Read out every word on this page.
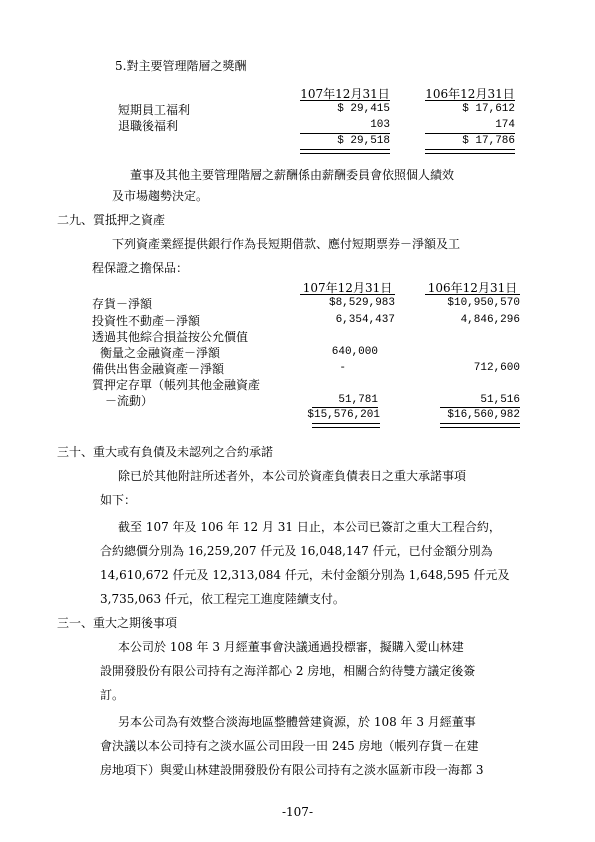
5.對主要管理階層之獎酬
107年12月31日	106年12月31日
短期員工福利	$ 29,415	$ 17,612
退職後福利	103	174
$ 29,518	$ 17,786
董事及其他主要管理階層之薪酬係由薪酬委員會依照個人績效
及市場趨勢決定。
二九、質抵押之資產
下列資產業經提供銀行作為長短期借款、應付短期票券－淨額及工
程保證之擔保品：
107年12月31日	106年12月31日
存貨－淨額	$8,529,983	$10,950,570
投資性不動產－淨額	6,354,437	4,846,296
透過其他綜合損益按公允價值
衡量之金融資產－淨額	640,000
備供出售金融資產－淨額	-	712,600
質押定存單（帳列其他金融資產
－流動）	51,781	51,516
$15,576,201	$16,560,982
三十、重大或有負債及未認列之合約承諾
除已於其他附註所述者外，本公司於資產負債表日之重大承諾事項
如下：
截至 107 年及 106 年 12 月 31 日止，本公司已簽訂之重大工程合約，
合約總價分別為 16,259,207 仟元及 16,048,147 仟元，已付金額分別為
14,610,672 仟元及 12,313,084 仟元，未付金額分別為 1,648,595 仟元及
3,735,063 仟元，依工程完工進度陸續支付。
三一、重大之期後事項
本公司於 108 年 3 月經董事會決議通過投標審，擬購入愛山林建
設開發股份有限公司持有之海洋都心 2 房地，相關合約待雙方議定後簽
訂。
另本公司為有效整合淡海地區整體營建資源，於 108 年 3 月經董事
會決議以本公司持有之淡水區公司田段一田 245 房地（帳列存貨－在建
房地項下）與愛山林建設開發股份有限公司持有之淡水區新市段一海都 3
-107-
